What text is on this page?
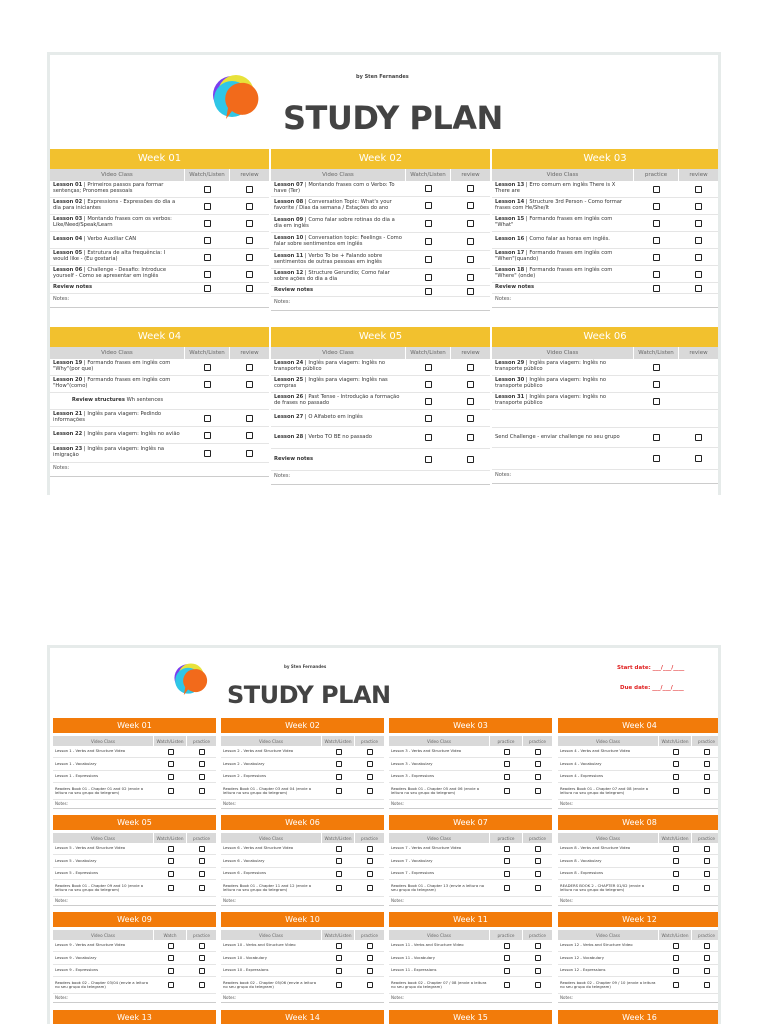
by Sten Fernandes
STUDY PLAN
Week 01
Video Class	Watch/Listen	review
Lesson 01 | Primeiros passos para formar sentenças; Pronomes pessoais
Lesson 02 | Expressions - Expressões do dia a dia para iniciantes
Lesson 03 | Montando frases com os verbos: Like/Need/Speak/Learn
Lesson 04 | Verbo Auxiliar CAN
Lesson 05 | Estrutura de alta frequência: I would like - (Eu gostaria)
Lesson 06 | Challenge - Desafio: Introduce yourself - Como se apresentar em inglês
Review notes
Notes:
Week 02
Video Class	Watch/Listen	review
Lesson 07 | Montando frases com o Verbo: To have (Ter)
Lesson 08 | Conversation Topic: What's your favorite / Dias da semana / Estações do ano
Lesson 09 | Como falar sobre rotinas do dia a dia em inglês
Lesson 10 | Conversation topic: Feelings - Como falar sobre sentimentos em inglês
Lesson 11 | Verbo To be + Falando sobre sentimentos de outras pessoas em inglês
Lesson 12 | Structure Gerundio; Como falar sobre ações do dia a dia
Review notes
Notes:
Week 03
Video Class	practice	review
Lesson 13 | Erro comum em inglês There is X There are
Lesson 14 | Structure 3rd Person - Como formar frases com He/She/It
Lesson 15 | Formando frases em inglês com "What"
Lesson 16 | Como falar as horas em inglês.
Lesson 17 | Formando frases em inglês com "When"(quando)
Lesson 18 | Formando frases em inglês com "Where" (onde)
Review notes
Notes:
Week 04
Video Class	Watch/Listen	review
Lesson 19 | Formando frases em inglês com "Why"(por que)
Lesson 20 | Formando frases em inglês com "How"(como)
Review structures Wh sentences
Lesson 21 | Inglês para viagem: Pedindo informações
Lesson 22 | Inglês para viagem: Inglês no avião
Lesson 23 | Inglês para viagem: Inglês na imigração
Notes:
Week 05
Video Class	Watch/Listen	review
Lesson 24 | Inglês para viagem: Inglês no transporte público
Lesson 25 | Inglês para viagem: Inglês nas compras
Lesson 26 | Past Tense - Introdução a formação de frases no passado
Lesson 27 | O Alfabeto em inglês
Lesson 28 | Verbo TO BE no passado
Review notes
Notes:
Week 06
Video Class	Watch/Listen	review
Lesson 29 | Inglês para viagem: Inglês no transporte público
Lesson 30 | Inglês para viagem: Inglês no transporte público
Lesson 31 | Inglês para viagem: Inglês no transporte público
Send Challenge - enviar challenge no seu grupo
Notes:
by Sten Fernandes
STUDY PLAN
Start date: ___/___/____
Due date: ___/___/____
Week 01
Video Class	Watch/Listen	practice
Lesson 1 - Verbs and Structure Video
Lesson 1 - Vocabulary
Lesson 1 - Expressions
Readers Book 01 - Chapter 01 and 02 (envie a leitura no seu grupo do telegram)
Notes:
Week 02
Video Class	Watch/Listen	practice
Lesson 2 - Verbs and Structure Video
Lesson 2 - Vocabulary
Lesson 2 - Expressions
Readers Book 01 - Chapter 03 and 04 (envie a leitura no seu grupo do telegram)
Notes:
Week 03
Video Class	practice	practice
Lesson 3 - Verbs and Structure Video
Lesson 3 - Vocabulary
Lesson 3 - Expressions
Readers Book 01 - Chapter 05 and 06 (envie a leitura no seu grupo do telegram)
Notes:
Week 04
Video Class	Watch/Listen	practice
Lesson 4 - Verbs and Structure Video
Lesson 4 - Vocabulary
Lesson 4 - Expressions
Readers Book 01 - Chapter 07 and 08 (envie a leitura no seu grupo do telegram)
Notes:
Week 05
Video Class	Watch/Listen	practice
Lesson 5 - Verbs and Structure Video
Lesson 5 - Vocabulary
Lesson 5 - Expressions
Readers Book 01 - Chapter 09 and 10 (envie a leitura no seu grupo do telegram)
Notes:
Week 06
Video Class	Watch/Listen	practice
Lesson 6 - Verbs and Structure Video
Lesson 6 - Vocabulary
Lesson 6 - Expressions
Readers Book 01 - Chapter 11 and 12 (envie a leitura no seu grupo do telegram)
Notes:
Week 07
Video Class	practice	practice
Lesson 7 - Verbs and Structure Video
Lesson 7 - Vocabulary
Lesson 7 - Expressions
Readers Book 01 - Chapter 13 (envie a leitura no seu grupo do telegram)
Notes:
Week 08
Video Class	Watch/Listen	practice
Lesson 8 - Verbs and Structure Video
Lesson 8 - Vocabulary
Lesson 8 - Expressions
READERS BOOK 2 - CHAPTER 01/02 (envie a leitura no seu grupo do telegram)
Notes:
Week 09
Video Class	Watch	practice
Lesson 9 - Verbs and Structure Video
Lesson 9 - Vocabulary
Lesson 9 - Expressions
Readers book 02 - Chapter 03/04 (envie a leitura no seu grupo do telegram)
Notes:
Week 10
Video Class	Watch/Listen	practice
Lesson 10 - Verbs and Structure Video
Lesson 10 - Vocabulary
Lesson 10 - Expressions
Readers book 02 - Chapter 05/06 (envie a leitura no seu grupo do telegram)
Notes:
Week 11
Video Class	practice	practice
Lesson 11 - Verbs and Structure Video
Lesson 11 - Vocabulary
Lesson 11 - Expressions
Readers book 02 - Chapter 07 / 08 (envie a leitura no seu grupo do telegram)
Notes:
Week 12
Video Class	Watch/Listen	practice
Lesson 12 - Verbs and Structure Video
Lesson 12 - Vocabulary
Lesson 12 - Expressions
Readers book 02 - Chapter 09 / 10 (envie a leitura no seu grupo do telegram)
Notes:
Week 13	Week 14	Week 15	Week 16
